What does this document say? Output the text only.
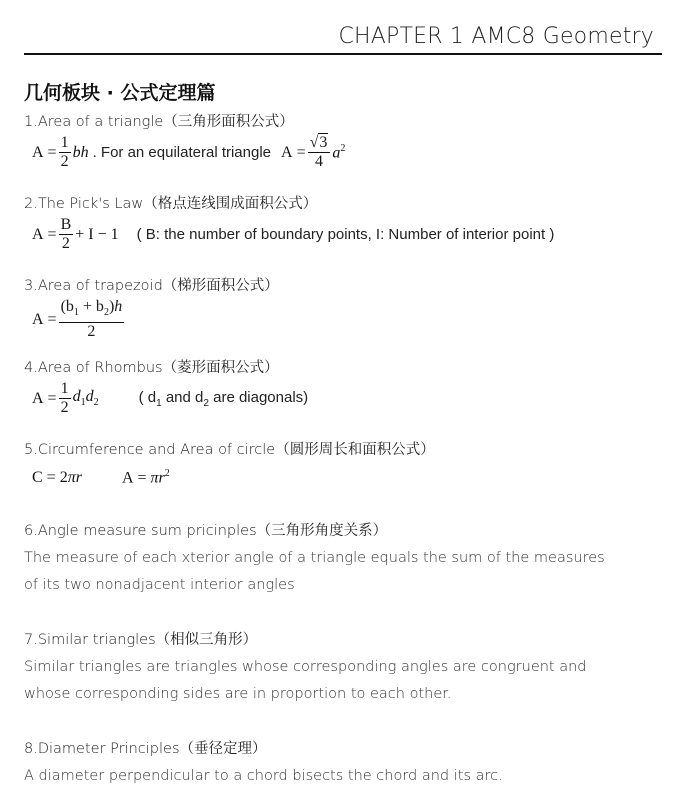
CHAPTER 1 AMC8 Geometry
几何板块 · 公式定理篇
1.Area of a triangle（三角形面积公式）
$A = \frac{1}{2}$ bh . For an equilateral triangle $A = \frac{√3}{4} a^2$
2.The Pick's Law（格点连线围成面积公式）
$A = \frac{B}{2} + I - 1$ ( B: the number of boundary points, I: Number of interior point )
3.Area of trapezoid（梯形面积公式）
$A = \frac{(b_1 + b_2)h}{2}$
4.Area of Rhombus（菱形面积公式）
$A = \frac{1}{2} d_1d_2$	( $d_1$ and $d_2$ are diagonals)
5.Circumference and Area of circle（圆形周长和面积公式）
C = 2πr	$A = \pi r^2$
6.Angle measure sum pricinples（三角形角度关系）
The measure of each xterior angle of a triangle equals the sum of the measures of its two nonadjacent interior angles
7.Similar triangles（相似三角形）
Similar triangles are triangles whose corresponding angles are congruent and whose corresponding sides are in proportion to each other.
8.Diameter Principles（垂径定理）
A diameter perpendicular to a chord bisects the chord and its arc.
